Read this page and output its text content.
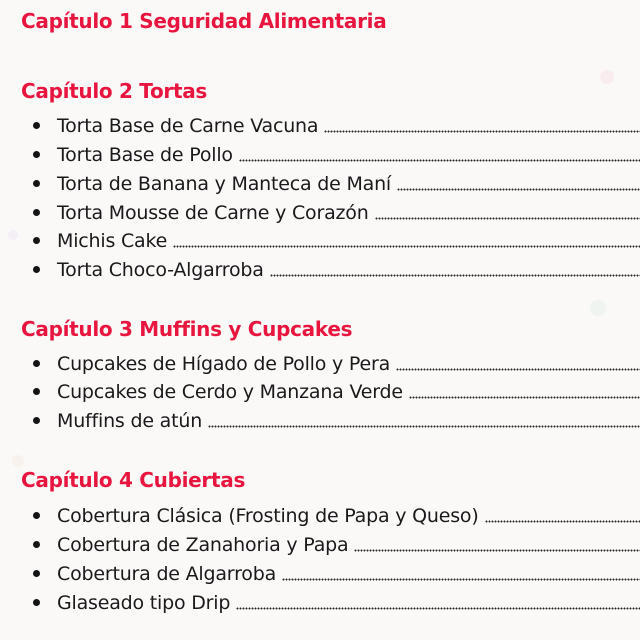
Capítulo 1 Seguridad Alimentaria
Capítulo 2 Tortas
Torta Base de Carne Vacuna
Torta Base de Pollo
Torta de Banana y Manteca de Maní
Torta Mousse de Carne y Corazón
Michis Cake
Torta Choco-Algarroba
Capítulo 3 Muffins y Cupcakes
Cupcakes de Hígado de Pollo y Pera
Cupcakes de Cerdo y Manzana Verde
Muffins de atún
Capítulo 4 Cubiertas
Cobertura Clásica (Frosting de Papa y Queso)
Cobertura de Zanahoria y Papa
Cobertura de Algarroba
Glaseado tipo Drip
